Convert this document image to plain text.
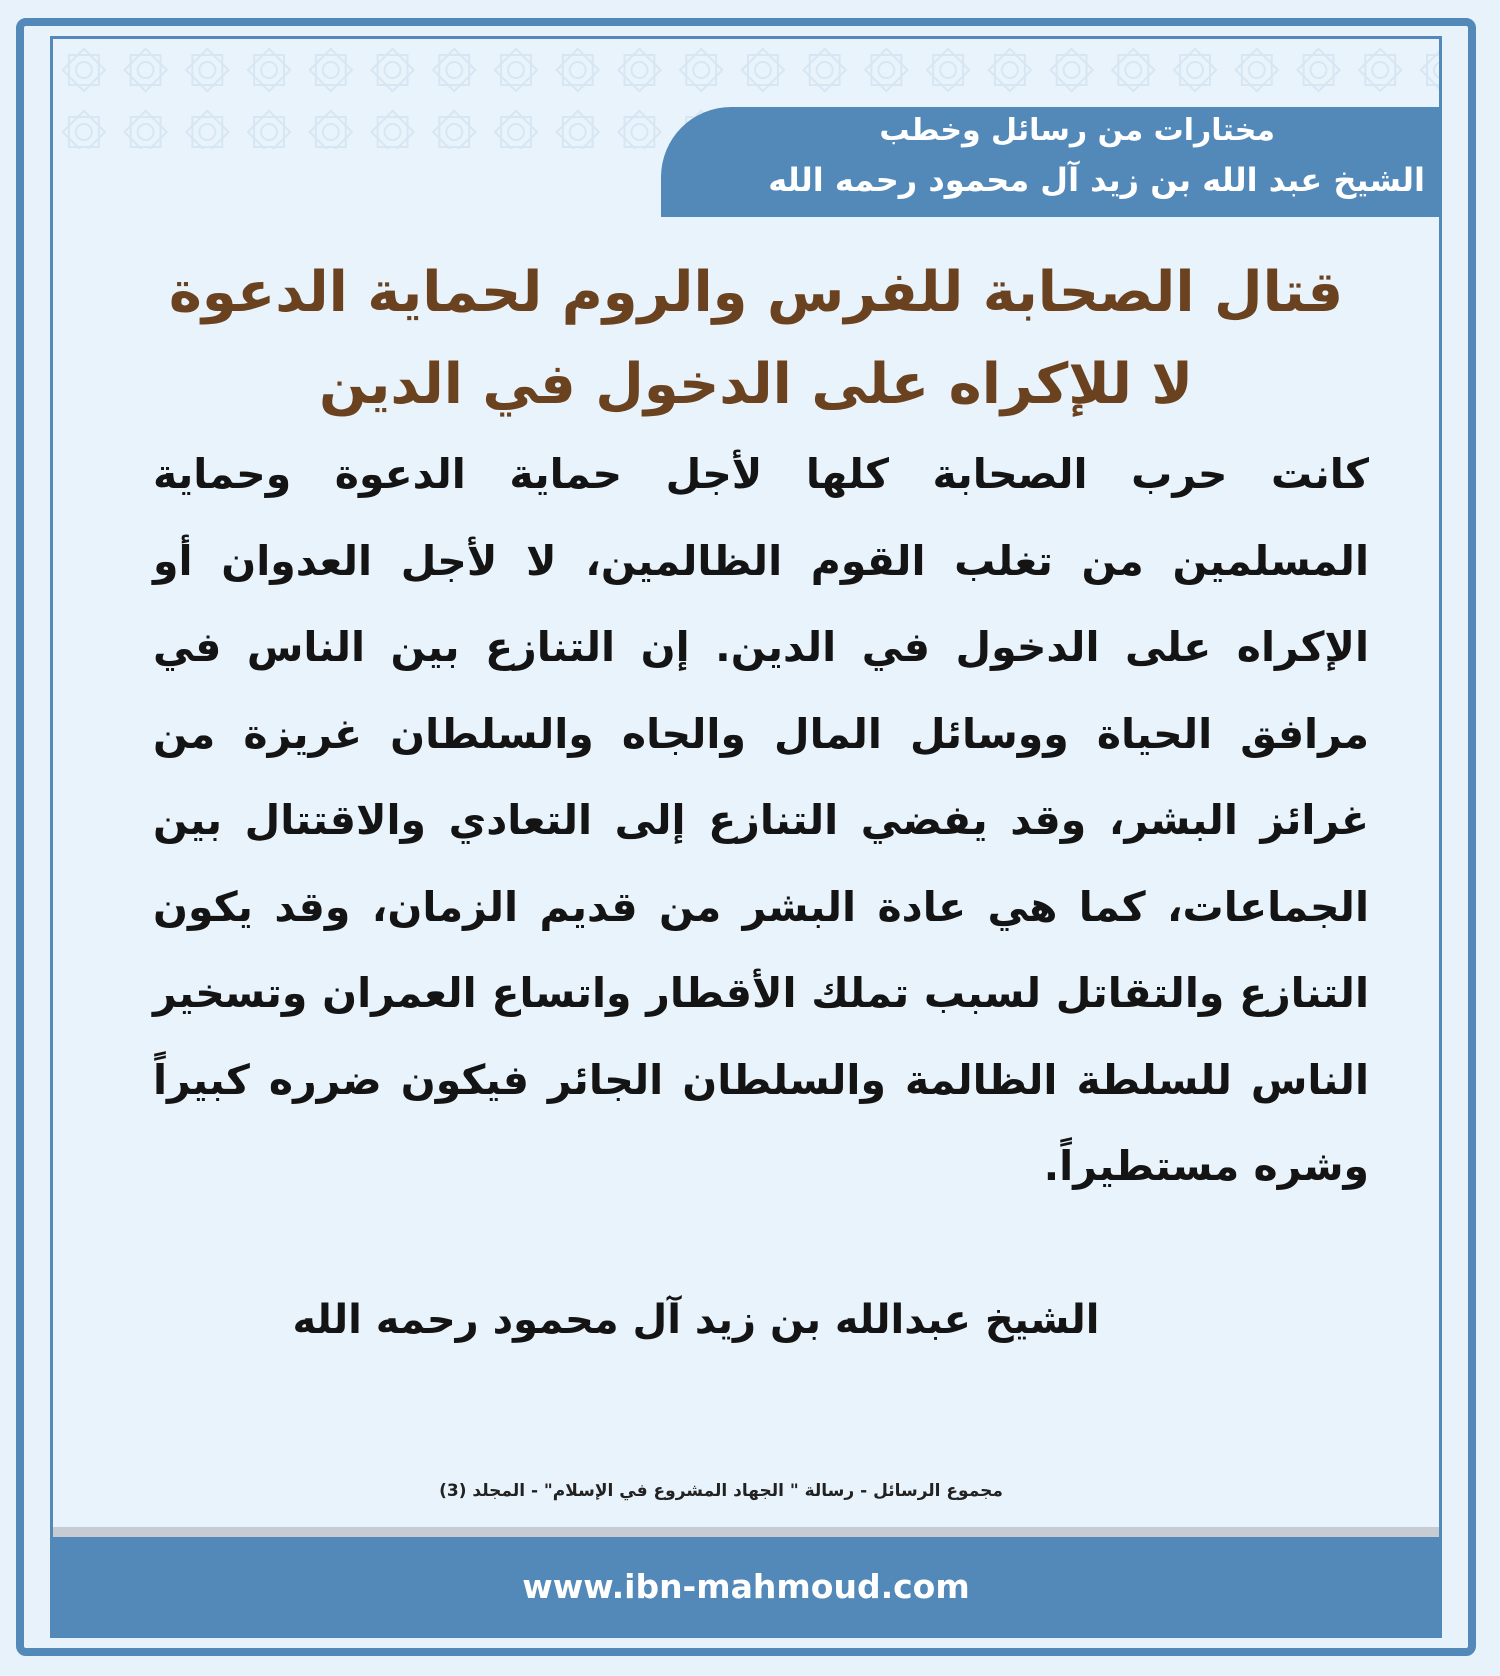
مختارات من رسائل وخطب
الشيخ عبد الله بن زيد آل محمود رحمه الله
قتال الصحابة للفرس والروم لحماية الدعوة لا للإكراه على الدخول في الدين
كانت حرب الصحابة كلها لأجل حماية الدعوة وحماية المسلمين من تغلب القوم الظالمين، لا لأجل العدوان أو الإكراه على الدخول في الدين. إن التنازع بين الناس في مرافق الحياة ووسائل المال والجاه والسلطان غريزة من غرائز البشر، وقد يفضي التنازع إلى التعادي والاقتتال بين الجماعات، كما هي عادة البشر من قديم الزمان، وقد يكون التنازع والتقاتل لسبب تملك الأقطار واتساع العمران وتسخير الناس للسلطة الظالمة والسلطان الجائر فيكون ضرره كبيراً وشره مستطيراً.
الشيخ عبدالله بن زيد آل محمود رحمه الله
مجموع الرسائل - رسالة " الجهاد المشروع في الإسلام" - المجلد (3)
www.ibn-mahmoud.com
